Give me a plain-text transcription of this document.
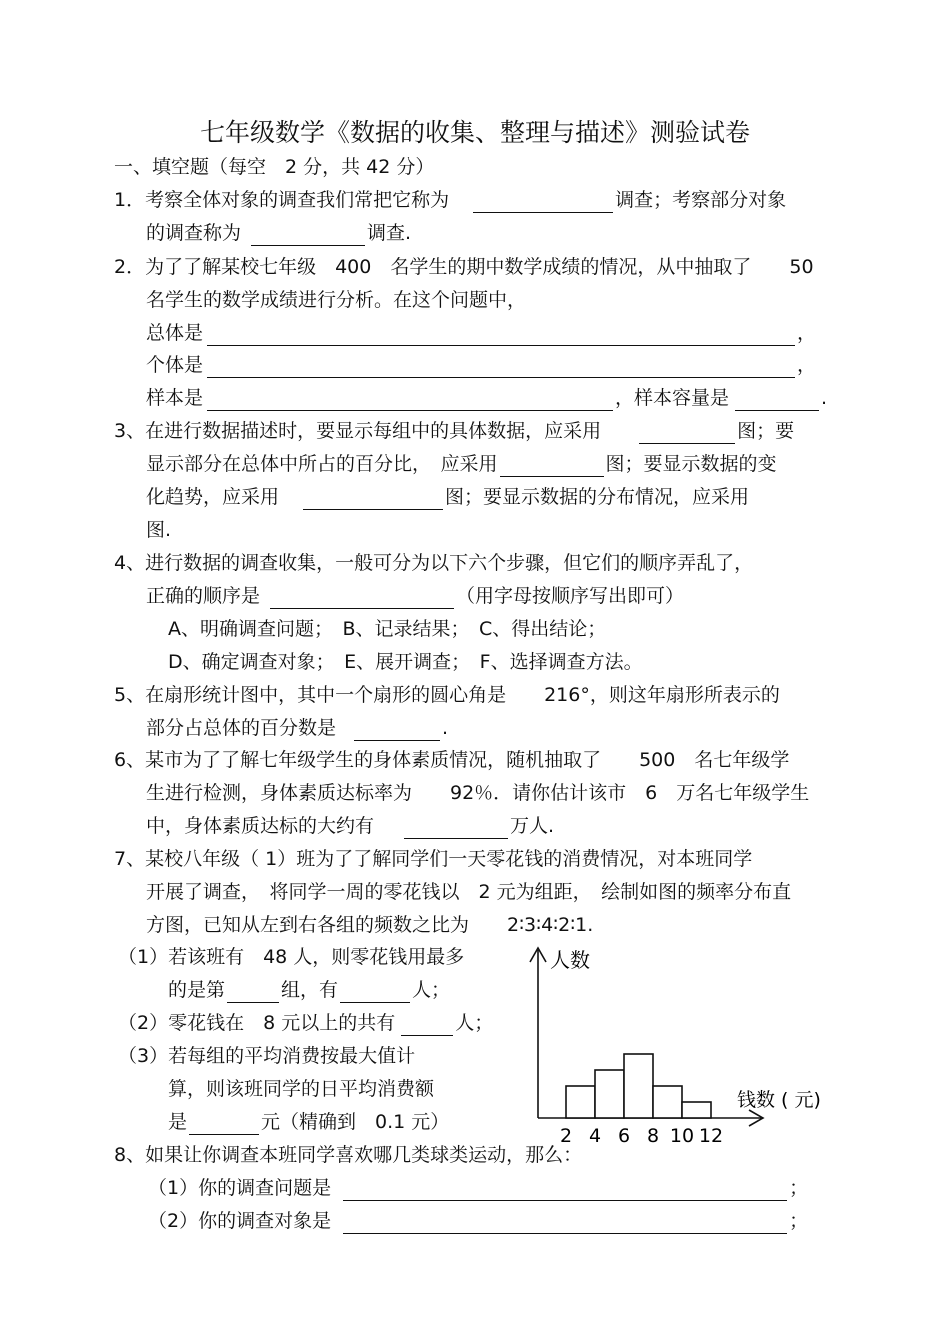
七年级数学《数据的收集、整理与描述》测验试卷
一、填空题（每空　2 分，共 42 分）
1．考察全体对象的调查我们常把它称为	调查；考察部分对象
的调查称为	调查.
2．为了了解某校七年级　400　名学生的期中数学成绩的情况，从中抽取了　　50
名学生的数学成绩进行分析。在这个问题中，
总体是	，
个体是	，
样本是	，样本容量是	.
3、在进行数据描述时，要显示每组中的具体数据，应采用	图；要
显示部分在总体中所占的百分比，　应采用	图；要显示数据的变
化趋势，应采用	图；要显示数据的分布情况，应采用
图.
4、进行数据的调查收集，一般可分为以下六个步骤，但它们的顺序弄乱了，
正确的顺序是	（用字母按顺序写出即可）
A、明确调查问题；　B、记录结果；　C、得出结论；
D、确定调查对象；　E、展开调查；　F、选择调查方法。
5、在扇形统计图中，其中一个扇形的圆心角是　　216°，则这年扇形所表示的
部分占总体的百分数是	.
6、某市为了了解七年级学生的身体素质情况，随机抽取了　　500　名七年级学
生进行检测，身体素质达标率为　　92％．请你估计该市　6　万名七年级学生
中，身体素质达标的大约有	万人.
7、某校八年级（ 1）班为了了解同学们一天零花钱的消费情况，对本班同学
开展了调查，　将同学一周的零花钱以　2 元为组距，　绘制如图的频率分布直
方图，已知从左到右各组的频数之比为　　2∶3∶4∶2∶1.
（1）若该班有　48 人，则零花钱用最多
的是第	组，有	人；
（2）零花钱在　8 元以上的共有	人；
（3）若每组的平均消费按最大值计
算，则该班同学的日平均消费额
是	元（精确到　0.1 元）
人数
钱数 ( 元)
2 4 6 8 10 12
8、如果让你调查本班同学喜欢哪几类球类运动，那么：
（1）你的调查问题是	；
（2）你的调查对象是	；
